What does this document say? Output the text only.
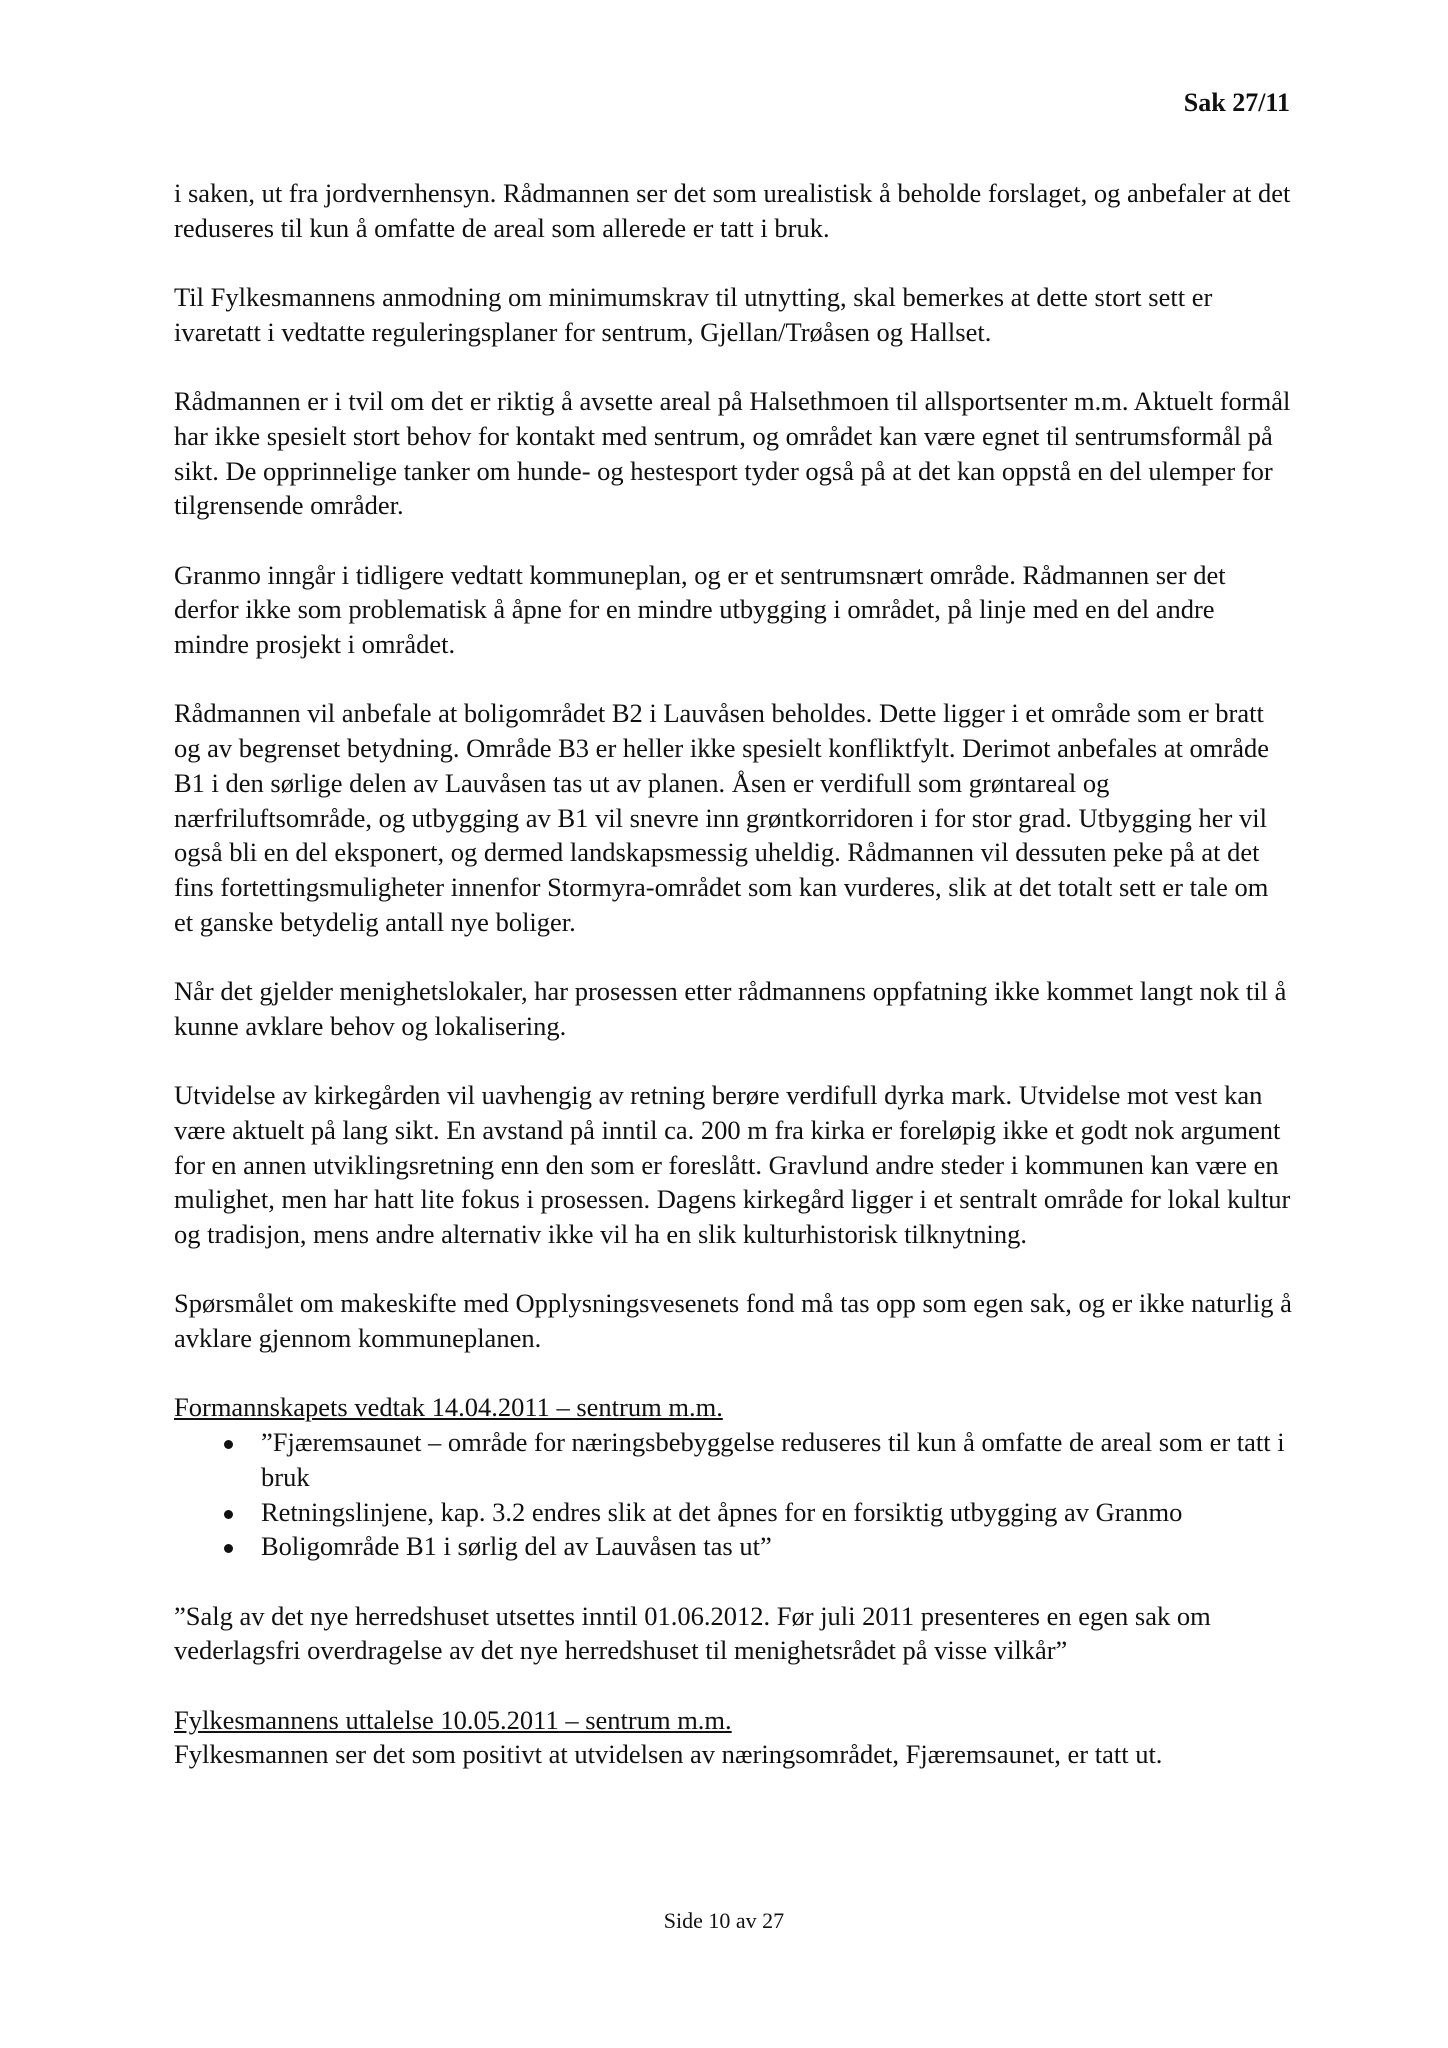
Sak 27/11

i saken, ut fra jordvernhensyn. Rådmannen ser det som urealistisk å beholde forslaget, og anbefaler at det reduseres til kun å omfatte de areal som allerede er tatt i bruk.

Til Fylkesmannens anmodning om minimumskrav til utnytting, skal bemerkes at dette stort sett er ivaretatt i vedtatte reguleringsplaner for sentrum, Gjellan/Trøåsen og Hallset.

Rådmannen er i tvil om det er riktig å avsette areal på Halsethmoen til allsportsenter m.m. Aktuelt formål har ikke spesielt stort behov for kontakt med sentrum, og området kan være egnet til sentrumsformål på sikt. De opprinnelige tanker om hunde- og hestesport tyder også på at det kan oppstå en del ulemper for tilgrensende områder.

Granmo inngår i tidligere vedtatt kommuneplan, og er et sentrumsnært område. Rådmannen ser det derfor ikke som problematisk å åpne for en mindre utbygging i området, på linje med en del andre mindre prosjekt i området.

Rådmannen vil anbefale at boligområdet B2 i Lauvåsen beholdes. Dette ligger i et område som er bratt og av begrenset betydning. Område B3 er heller ikke spesielt konfliktfylt. Derimot anbefales at område B1 i den sørlige delen av Lauvåsen tas ut av planen. Åsen er verdifull som grøntareal og nærfriluftsområde, og utbygging av B1 vil snevre inn grøntkorridoren i for stor grad. Utbygging her vil også bli en del eksponert, og dermed landskapsmessig uheldig. Rådmannen vil dessuten peke på at det fins fortettingsmuligheter innenfor Stormyra-området som kan vurderes, slik at det totalt sett er tale om et ganske betydelig antall nye boliger.

Når det gjelder menighetslokaler, har prosessen etter rådmannens oppfatning ikke kommet langt nok til å kunne avklare behov og lokalisering.

Utvidelse av kirkegården vil uavhengig av retning berøre verdifull dyrka mark. Utvidelse mot vest kan være aktuelt på lang sikt. En avstand på inntil ca. 200 m fra kirka er foreløpig ikke et godt nok argument for en annen utviklingsretning enn den som er foreslått. Gravlund andre steder i kommunen kan være en mulighet, men har hatt lite fokus i prosessen. Dagens kirkegård ligger i et sentralt område for lokal kultur og tradisjon, mens andre alternativ ikke vil ha en slik kulturhistorisk tilknytning.

Spørsmålet om makeskifte med Opplysningsvesenets fond må tas opp som egen sak, og er ikke naturlig å avklare gjennom kommuneplanen.

Formannskapets vedtak 14.04.2011 – sentrum m.m.

”Fjæremsaunet – område for næringsbebyggelse reduseres til kun å omfatte de areal som er tatt i bruk
Retningslinjene, kap. 3.2 endres slik at det åpnes for en forsiktig utbygging av Granmo
Boligområde B1 i sørlig del av Lauvåsen tas ut”

”Salg av det nye herredshuset utsettes inntil 01.06.2012. Før juli 2011 presenteres en egen sak om vederlagsfri overdragelse av det nye herredshuset til menighetsrådet på visse vilkår”

Fylkesmannens uttalelse 10.05.2011 – sentrum m.m.

Fylkesmannen ser det som positivt at utvidelsen av næringsområdet, Fjæremsaunet, er tatt ut.

Side 10 av 27
